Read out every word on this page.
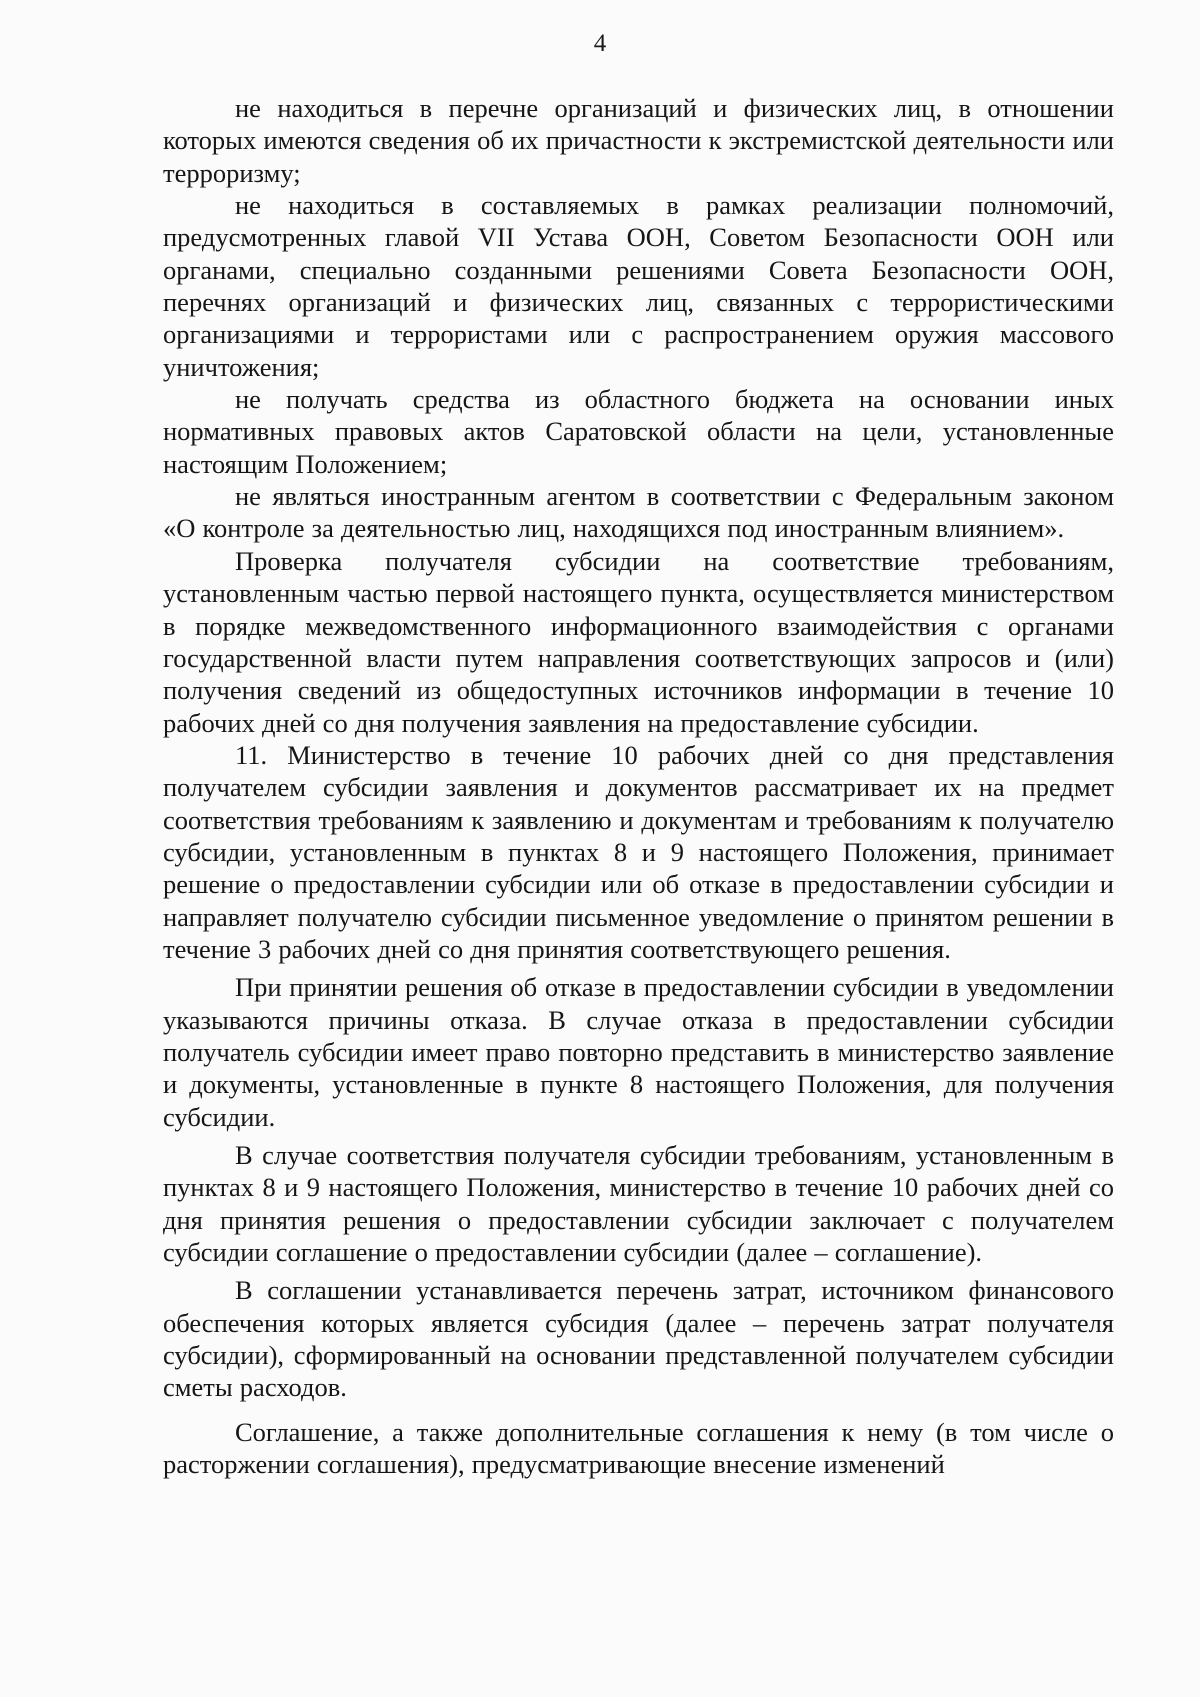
4

не находиться в перечне организаций и физических лиц, в отношении которых имеются сведения об их причастности к экстремистской деятельности или терроризму;

не находиться в составляемых в рамках реализации полномочий, предусмотренных главой VII Устава ООН, Советом Безопасности ООН или органами, специально созданными решениями Совета Безопасности ООН, перечнях организаций и физических лиц, связанных с террористическими организациями и террористами или с распространением оружия массового уничтожения;

не получать средства из областного бюджета на основании иных нормативных правовых актов Саратовской области на цели, установленные настоящим Положением;

не являться иностранным агентом в соответствии с Федеральным законом «О контроле за деятельностью лиц, находящихся под иностранным влиянием».

Проверка получателя субсидии на соответствие требованиям, установленным частью первой настоящего пункта, осуществляется министерством в порядке межведомственного информационного взаимодействия с органами государственной власти путем направления соответствующих запросов и (или) получения сведений из общедоступных источников информации в течение 10 рабочих дней со дня получения заявления на предоставление субсидии.

11. Министерство в течение 10 рабочих дней со дня представления получателем субсидии заявления и документов рассматривает их на предмет соответствия требованиям к заявлению и документам и требованиям к получателю субсидии, установленным в пунктах 8 и 9 настоящего Положения, принимает решение о предоставлении субсидии или об отказе в предоставлении субсидии и направляет получателю субсидии письменное уведомление о принятом решении в течение 3 рабочих дней со дня принятия соответствующего решения.

При принятии решения об отказе в предоставлении субсидии в уведомлении указываются причины отказа. В случае отказа в предоставлении субсидии получатель субсидии имеет право повторно представить в министерство заявление и документы, установленные в пункте 8 настоящего Положения, для получения субсидии.

В случае соответствия получателя субсидии требованиям, установленным в пунктах 8 и 9 настоящего Положения, министерство в течение 10 рабочих дней со дня принятия решения о предоставлении субсидии заключает с получателем субсидии соглашение о предоставлении субсидии (далее – соглашение).

В соглашении устанавливается перечень затрат, источником финансового обеспечения которых является субсидия (далее – перечень затрат получателя субсидии), сформированный на основании представленной получателем субсидии сметы расходов.

Соглашение, а также дополнительные соглашения к нему (в том числе о расторжении соглашения), предусматривающие внесение изменений
